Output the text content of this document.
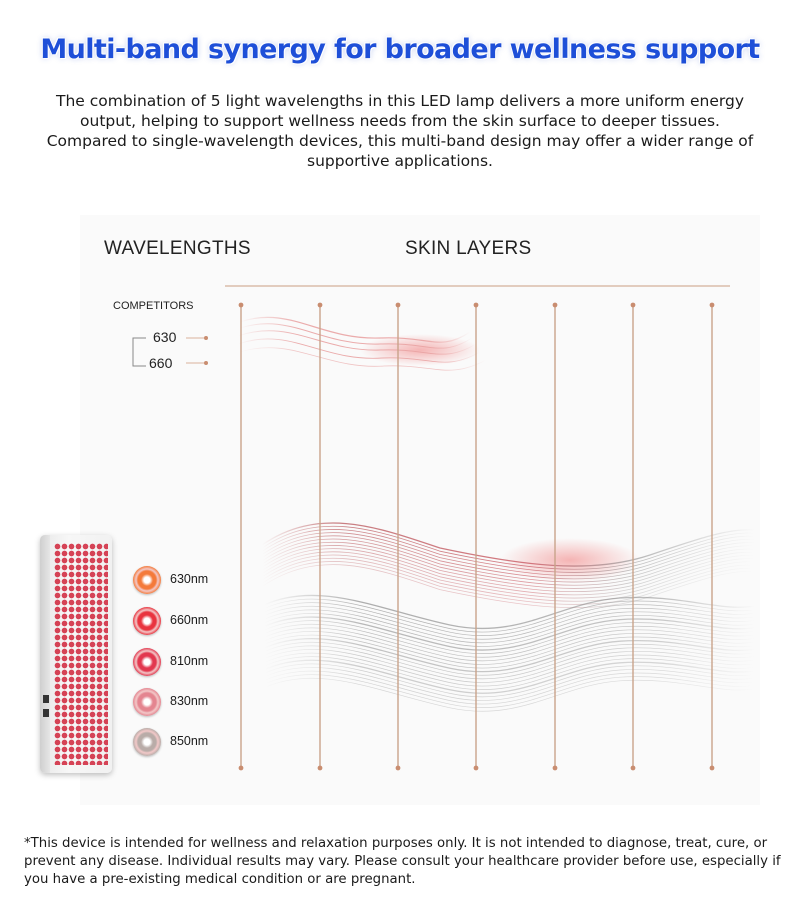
Multi-band synergy for broader wellness support
The combination of 5 light wavelengths in this LED lamp delivers a more uniform energy output, helping to support wellness needs from the skin surface to deeper tissues. Compared to single-wavelength devices, this multi-band design may offer a wider range of supportive applications.
WAVELENGTHS	SKIN LAYERS
COMPETITORS
630
660
630nm
660nm
810nm
830nm
850nm
*This device is intended for wellness and relaxation purposes only. It is not intended to diagnose, treat, cure, or prevent any disease. Individual results may vary. Please consult your healthcare provider before use, especially if you have a pre-existing medical condition or are pregnant.
